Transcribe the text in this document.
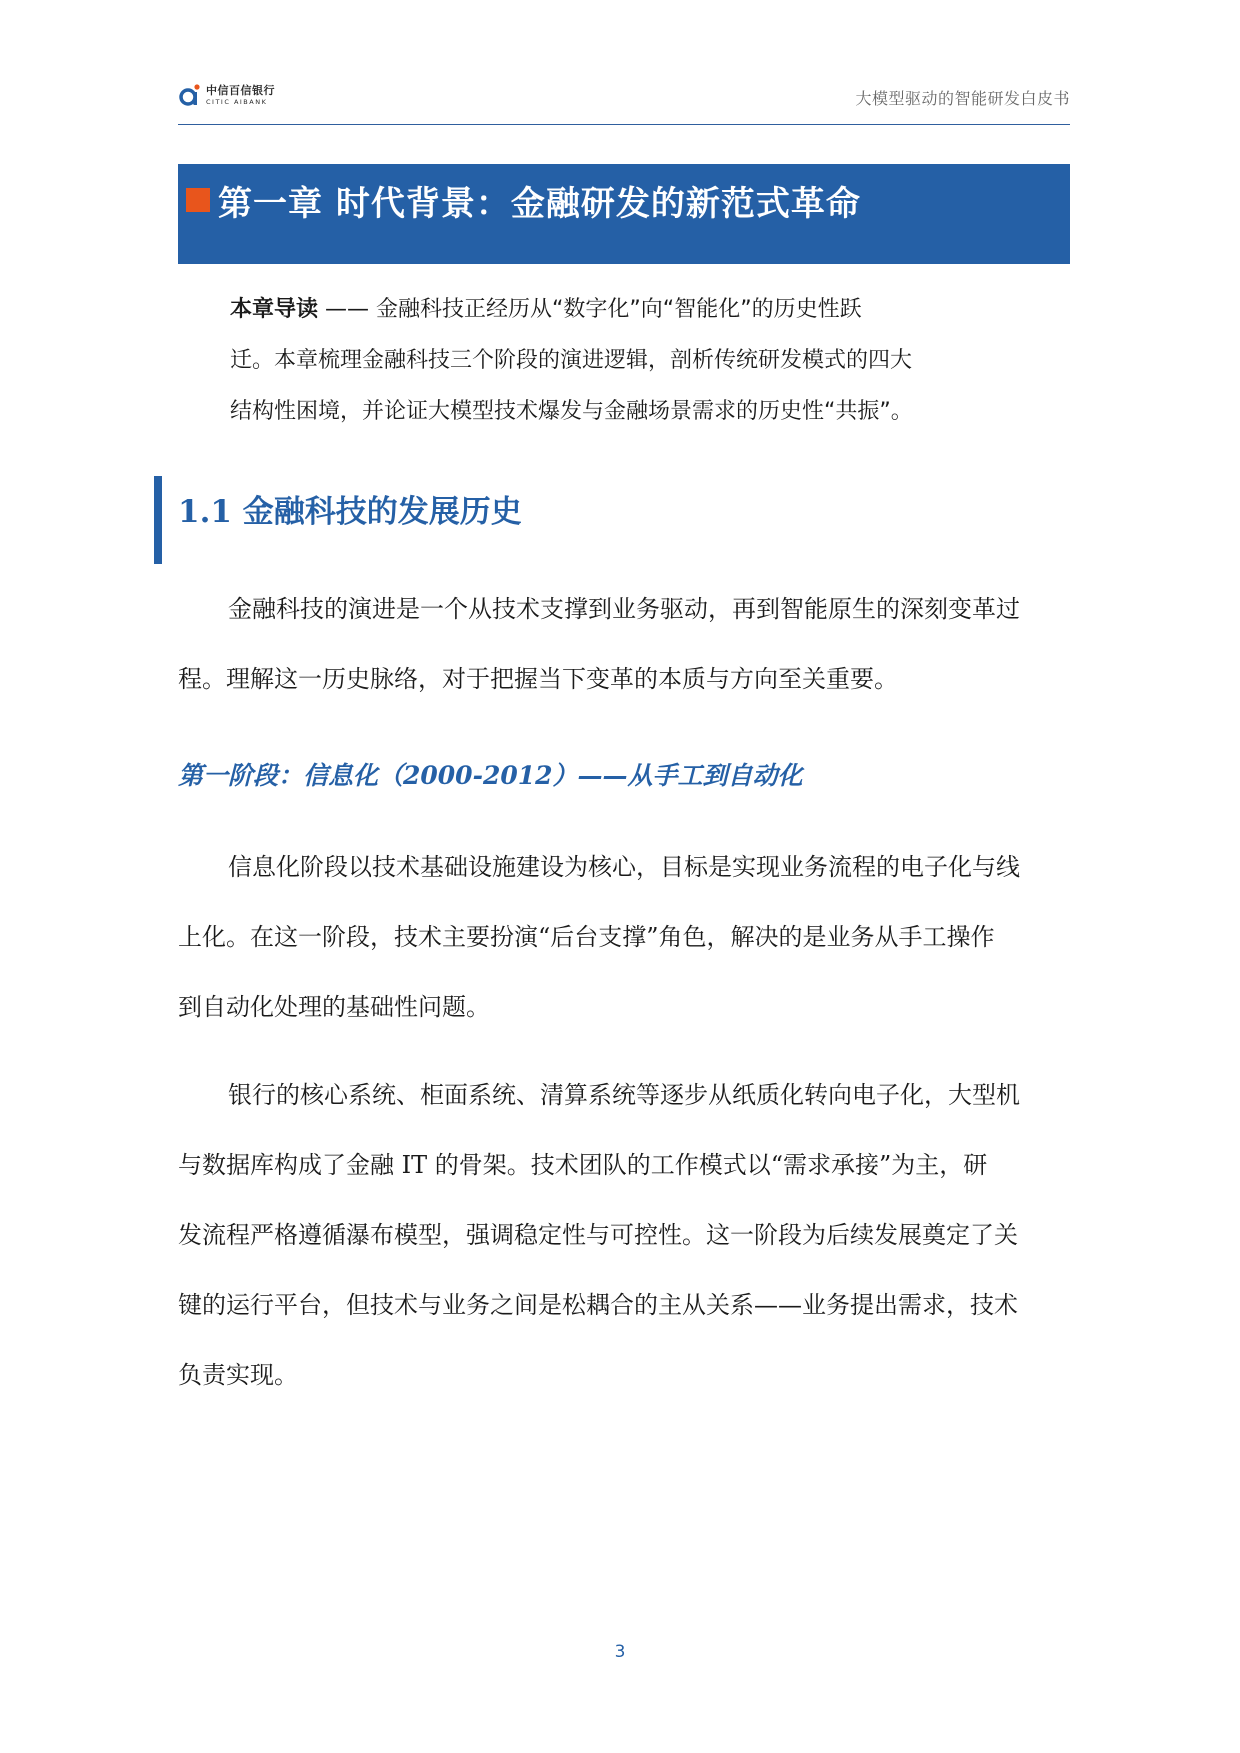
中信百信银行
CITIC AIBANK	大模型驱动的智能研发白皮书
第一章 时代背景：金融研发的新范式革命
本章导读 —— 金融科技正经历从“数字化”向“智能化”的历史性跃
迁。本章梳理金融科技三个阶段的演进逻辑，剖析传统研发模式的四大
结构性困境，并论证大模型技术爆发与金融场景需求的历史性“共振”。
1.1 金融科技的发展历史
金融科技的演进是一个从技术支撑到业务驱动，再到智能原生的深刻变革过
程。理解这一历史脉络，对于把握当下变革的本质与方向至关重要。
第一阶段：信息化（2000-2012）——从手工到自动化
信息化阶段以技术基础设施建设为核心，目标是实现业务流程的电子化与线
上化。在这一阶段，技术主要扮演“后台支撑”角色，解决的是业务从手工操作
到自动化处理的基础性问题。
银行的核心系统、柜面系统、清算系统等逐步从纸质化转向电子化，大型机
与数据库构成了金融 IT 的骨架。技术团队的工作模式以“需求承接”为主，研
发流程严格遵循瀑布模型，强调稳定性与可控性。这一阶段为后续发展奠定了关
键的运行平台，但技术与业务之间是松耦合的主从关系——业务提出需求，技术
负责实现。
3
